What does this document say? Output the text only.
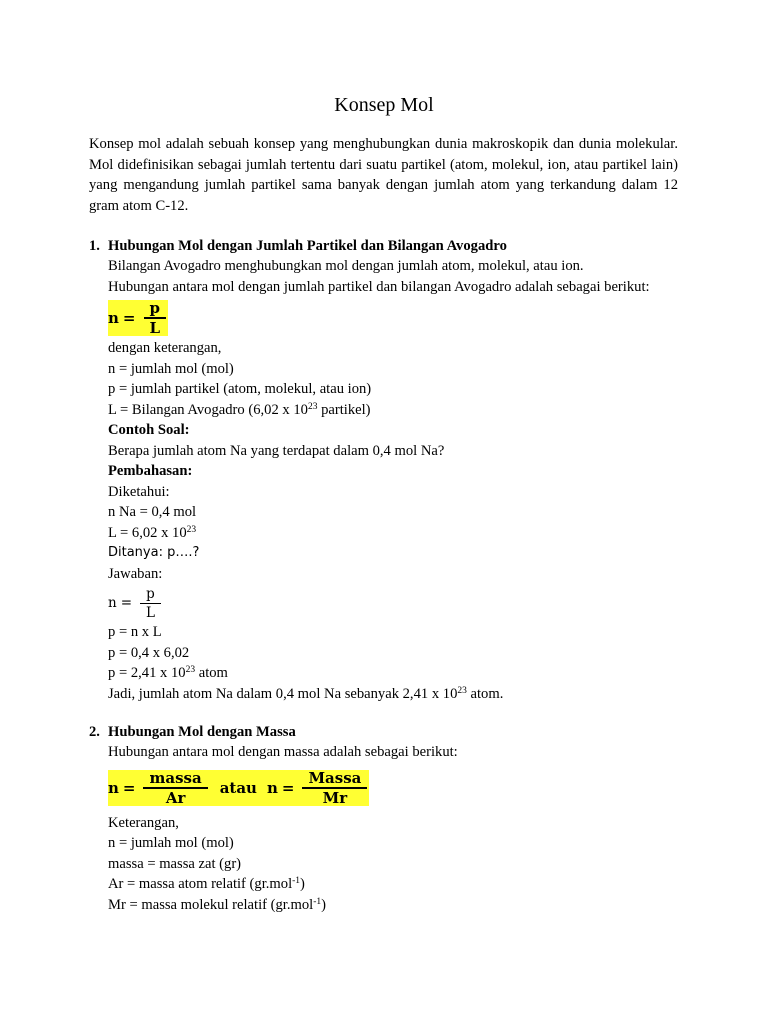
Konsep Mol

Konsep mol adalah sebuah konsep yang menghubungkan dunia makroskopik dan dunia molekular. Mol didefinisikan sebagai jumlah tertentu dari suatu partikel (atom, molekul, ion, atau partikel lain) yang mengandung jumlah partikel sama banyak dengan jumlah atom yang terkandung dalam 12 gram atom C-12.

1. Hubungan Mol dengan Jumlah Partikel dan Bilangan Avogadro
Bilangan Avogadro menghubungkan mol dengan jumlah atom, molekul, atau ion.
Hubungan antara mol dengan jumlah partikel dan bilangan Avogadro adalah sebagai berikut:
$n = \frac{p}{L}$
dengan keterangan,
n = jumlah mol (mol)
p = jumlah partikel (atom, molekul, atau ion)
L = Bilangan Avogadro (6,02 x $10^{23}$ partikel)
Contoh Soal:
Berapa jumlah atom Na yang terdapat dalam 0,4 mol Na?
Pembahasan:
Diketahui:
n Na = 0,4 mol
L = 6,02 x $10^{23}$
Ditanya: p….?
Jawaban:
$n = \frac{p}{L}$
p = n x L
p = 0,4 x 6,02
p = 2,41 x $10^{23}$ atom
Jadi, jumlah atom Na dalam 0,4 mol Na sebanyak 2,41 x $10^{23}$ atom.
2. Hubungan Mol dengan Massa
Hubungan antara mol dengan massa adalah sebagai berikut:
$n = \frac{\text{massa}}{Ar}$ atau $n = \frac{\text{Massa}}{Mr}$
Keterangan,
n = jumlah mol (mol)
massa = massa zat (gr)
Ar = massa atom relatif (gr.mol$^{-1}$)
Mr = massa molekul relatif (gr.mol$^{-1}$)
